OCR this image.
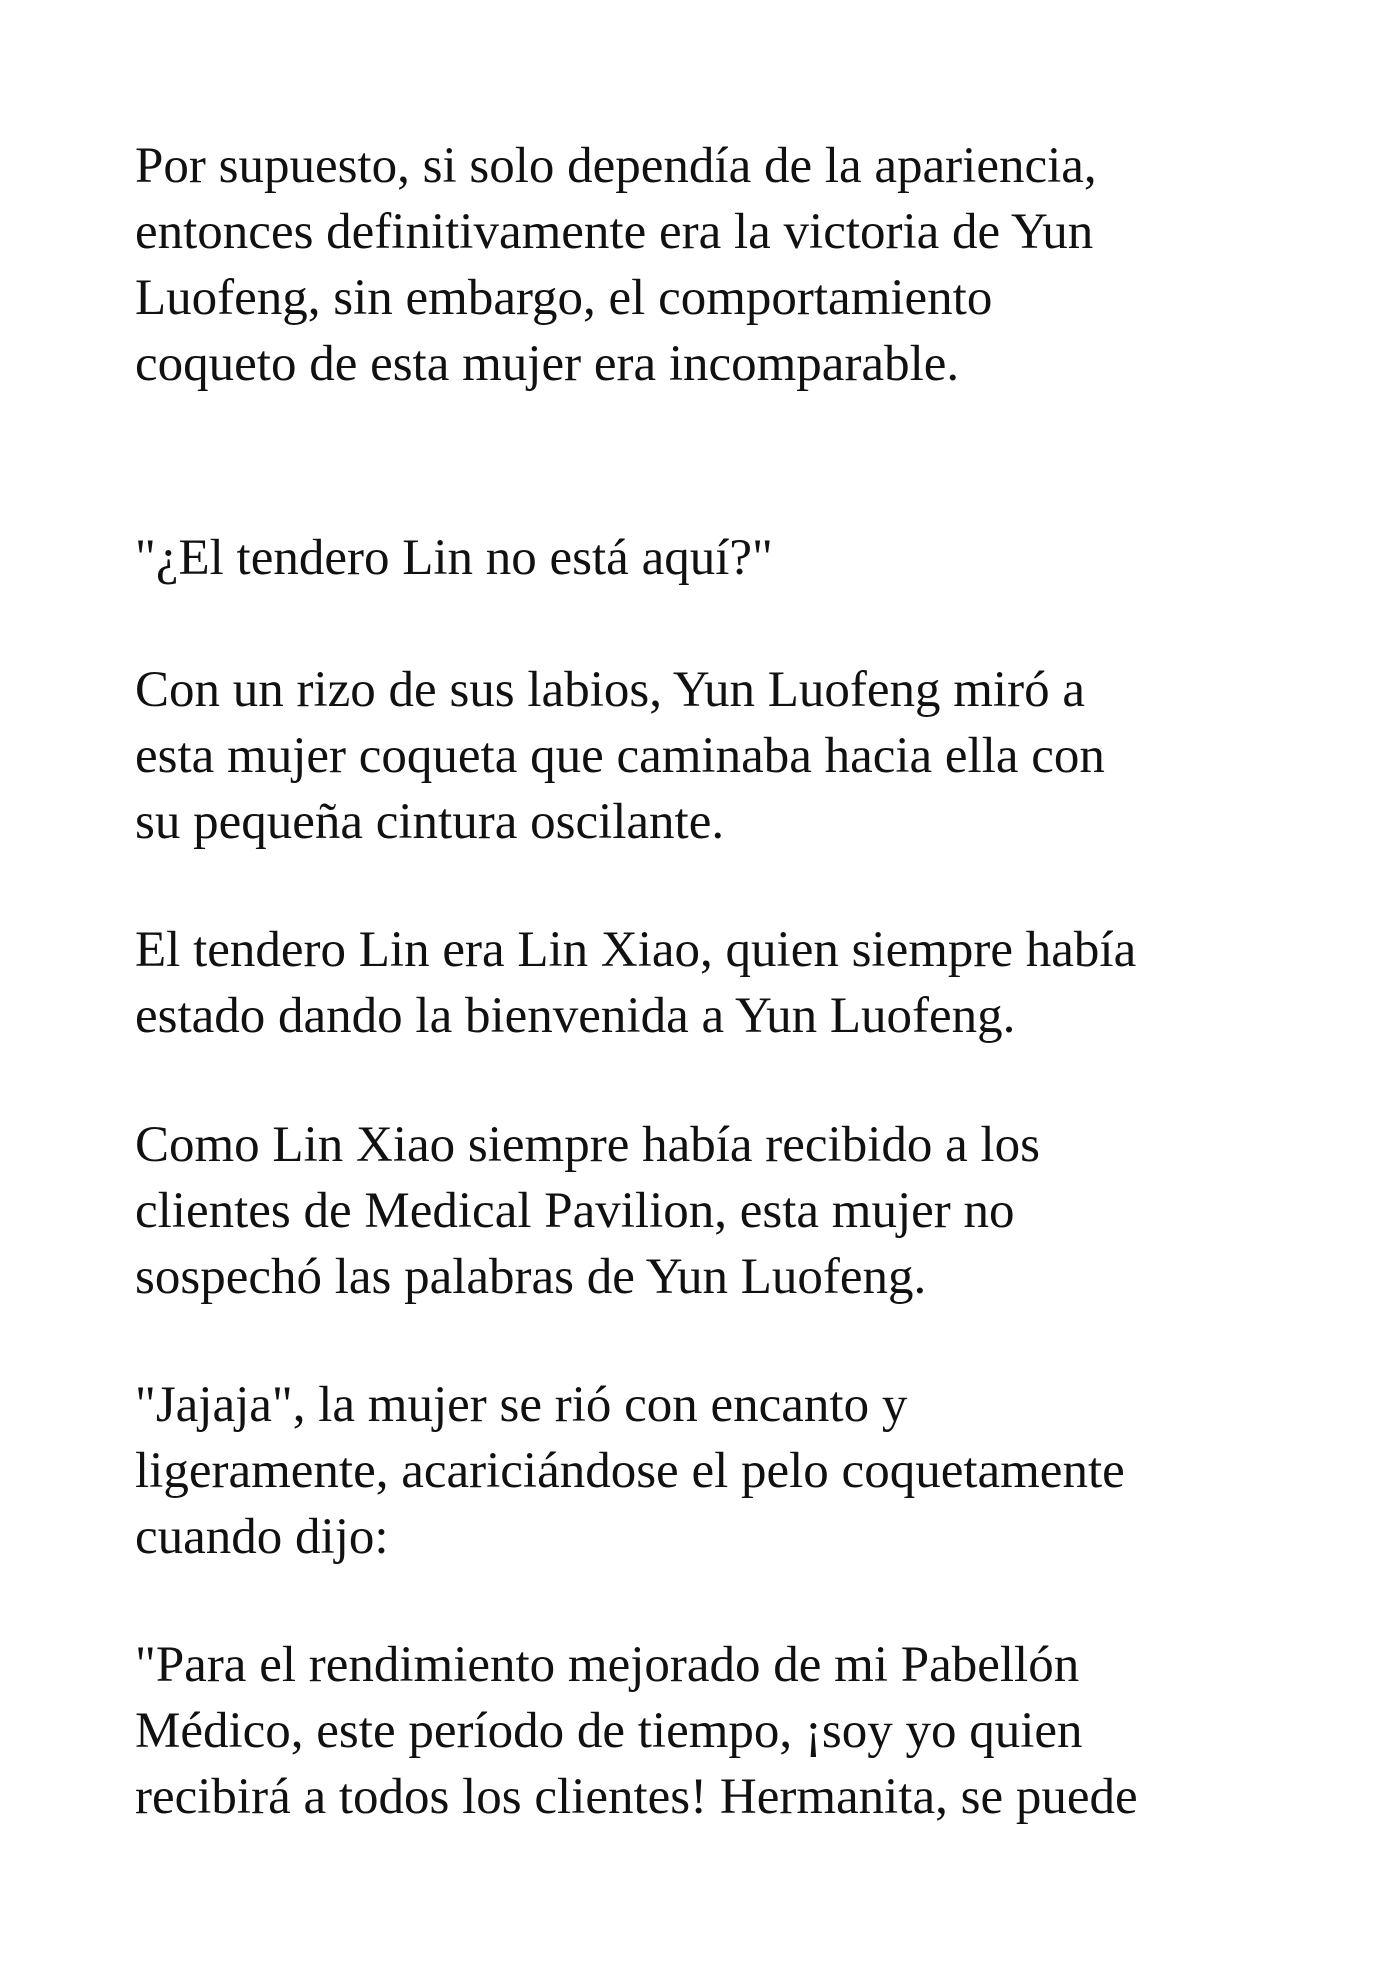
Por supuesto, si solo dependía de la apariencia,
entonces definitivamente era la victoria de Yun
Luofeng, sin embargo, el comportamiento
coqueto de esta mujer era incomparable.

"¿El tendero Lin no está aquí?"

Con un rizo de sus labios, Yun Luofeng miró a
esta mujer coqueta que caminaba hacia ella con
su pequeña cintura oscilante.

El tendero Lin era Lin Xiao, quien siempre había
estado dando la bienvenida a Yun Luofeng.

Como Lin Xiao siempre había recibido a los
clientes de Medical Pavilion, esta mujer no
sospechó las palabras de Yun Luofeng.

"Jajaja", la mujer se rió con encanto y
ligeramente, acariciándose el pelo coquetamente
cuando dijo:

"Para el rendimiento mejorado de mi Pabellón
Médico, este período de tiempo, ¡soy yo quien
recibirá a todos los clientes! Hermanita, se puede
